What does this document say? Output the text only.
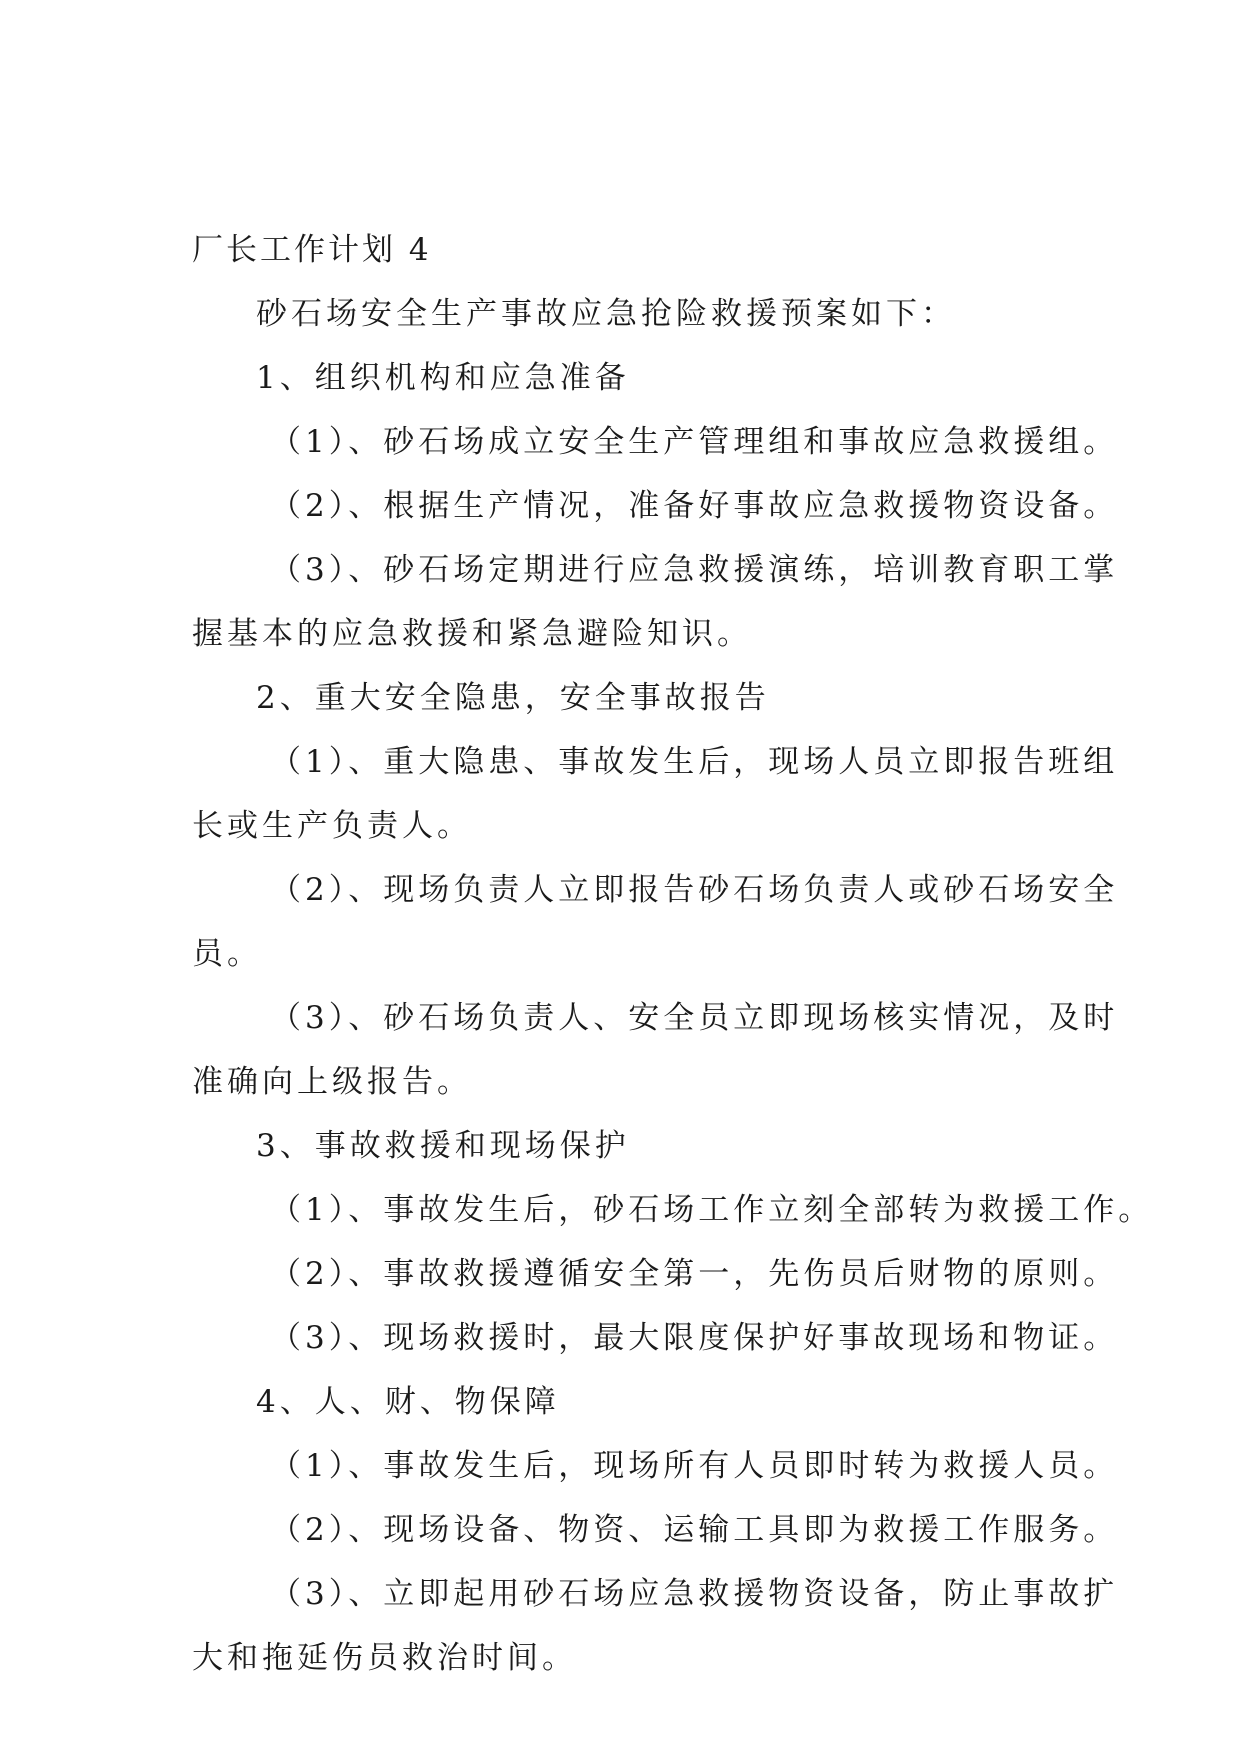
厂长工作计划 4

砂石场安全生产事故应急抢险救援预案如下：

1、组织机构和应急准备

（1）、砂石场成立安全生产管理组和事故应急救援组。

（2）、根据生产情况，准备好事故应急救援物资设备。

（3）、砂石场定期进行应急救援演练，培训教育职工掌

握基本的应急救援和紧急避险知识。

2、重大安全隐患，安全事故报告

（1）、重大隐患、事故发生后，现场人员立即报告班组

长或生产负责人。

（2）、现场负责人立即报告砂石场负责人或砂石场安全

员。

（3）、砂石场负责人、安全员立即现场核实情况，及时

准确向上级报告。

3、事故救援和现场保护

（1）、事故发生后，砂石场工作立刻全部转为救援工作。

（2）、事故救援遵循安全第一，先伤员后财物的原则。

（3）、现场救援时，最大限度保护好事故现场和物证。

4、人、财、物保障

（1）、事故发生后，现场所有人员即时转为救援人员。

（2）、现场设备、物资、运输工具即为救援工作服务。

（3）、立即起用砂石场应急救援物资设备，防止事故扩

大和拖延伤员救治时间。
